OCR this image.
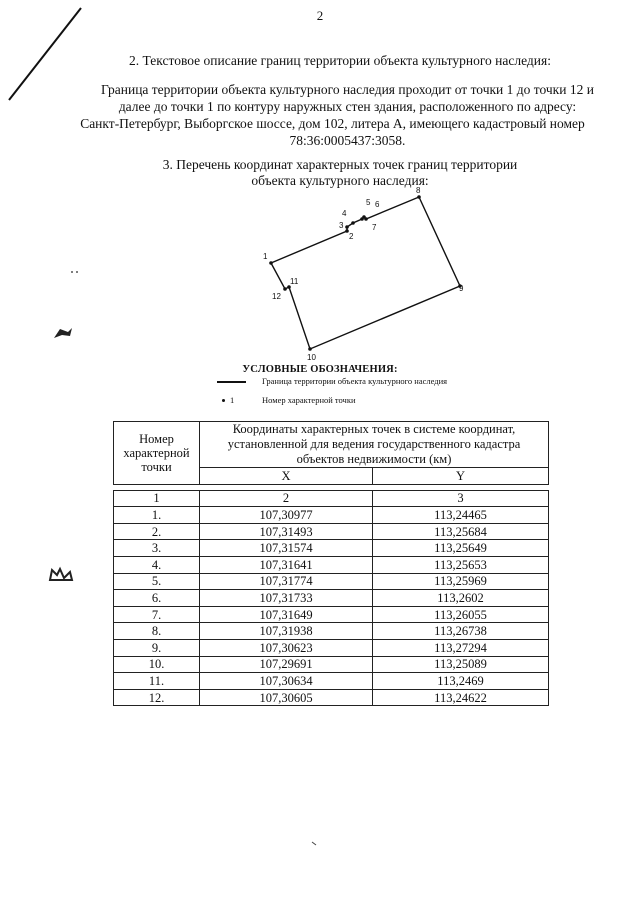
2
2. Текстовое описание границ территории объекта культурного наследия:
Граница территории объекта культурного наследия проходит от точки 1 до точки 12 и
далее до точки 1 по контуру наружных стен здания, расположенного по адресу:
Санкт-Петербург, Выборгское шоссе, дом 102, литера А, имеющего кадастровый номер
78:36:0005437:3058.
3. Перечень координат характерных точек границ территории
объекта культурного наследия:
1
2
3
4
5 6
7
8
9
10
11
12
УСЛОВНЫЕ ОБОЗНАЧЕНИЯ:
Граница территории объекта культурного наследия
1	Номер характерной точки
Номер характерной точки	Координаты характерных точек в системе координат, установленной для ведения государственного кадастра объектов недвижимости (км)	
	X	Y

1	2	3
1.	107,30977	113,24465
2.	107,31493	113,25684
3.	107,31574	113,25649
4.	107,31641	113,25653
5.	107,31774	113,25969
6.	107,31733	113,2602
7.	107,31649	113,26055
8.	107,31938	113,26738
9.	107,30623	113,27294
10.	107,29691	113,25089
11.	107,30634	113,2469
12.	107,30605	113,24622
